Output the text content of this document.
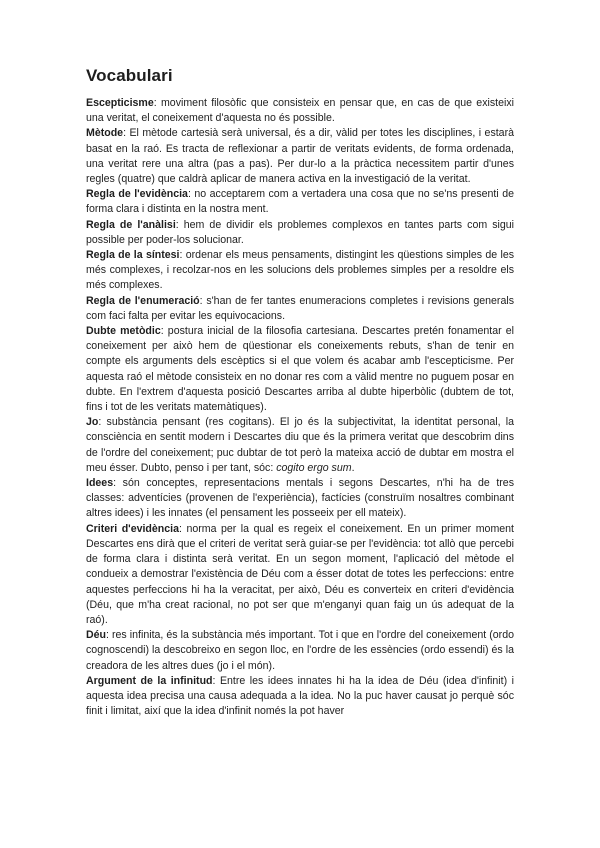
Vocabulari

Escepticisme: moviment filosòfic que consisteix en pensar que, en cas de que existeixi una veritat, el coneixement d'aquesta no és possible.

Mètode: El mètode cartesià serà universal, és a dir, vàlid per totes les disciplines, i estarà basat en la raó. Es tracta de reflexionar a partir de veritats evidents, de forma ordenada, una veritat rere una altra (pas a pas). Per dur-lo a la pràctica necessitem partir d'unes regles (quatre) que caldrà aplicar de manera activa en la investigació de la veritat.

Regla de l'evidència: no acceptarem com a vertadera una cosa que no se'ns presenti de forma clara i distinta en la nostra ment.

Regla de l'anàlisi: hem de dividir els problemes complexos en tantes parts com sigui possible per poder-los solucionar.

Regla de la síntesi: ordenar els meus pensaments, distingint les qüestions simples de les més complexes, i recolzar-nos en les solucions dels problemes simples per a resoldre els més complexes.

Regla de l'enumeració: s'han de fer tantes enumeracions completes i revisions generals com faci falta per evitar les equivocacions.

Dubte metòdic: postura inicial de la filosofia cartesiana. Descartes pretén fonamentar el coneixement per això hem de qüestionar els coneixements rebuts, s'han de tenir en compte els arguments dels escèptics si el que volem és acabar amb l'escepticisme. Per aquesta raó el mètode consisteix en no donar res com a vàlid mentre no puguem posar en dubte. En l'extrem d'aquesta posició Descartes arriba al dubte hiperbòlic (dubtem de tot, fins i tot de les veritats matemàtiques).

Jo: substància pensant (res cogitans). El jo és la subjectivitat, la identitat personal, la consciència en sentit modern i Descartes diu que és la primera veritat que descobrim dins de l'ordre del coneixement; puc dubtar de tot però la mateixa acció de dubtar em mostra el meu ésser. Dubto, penso i per tant, sóc: cogito ergo sum.

Idees: són conceptes, representacions mentals i segons Descartes, n'hi ha de tres classes: adventícies (provenen de l'experiència), factícies (construïm nosaltres combinant altres idees) i les innates (el pensament les posseeix per ell mateix).

Criteri d'evidència: norma per la qual es regeix el coneixement. En un primer moment Descartes ens dirà que el criteri de veritat serà guiar-se per l'evidència: tot allò que percebi de forma clara i distinta serà veritat. En un segon moment, l'aplicació del mètode el condueix a demostrar l'existència de Déu com a ésser dotat de totes les perfeccions: entre aquestes perfeccions hi ha la veracitat, per això, Déu es converteix en criteri d'evidència (Déu, que m'ha creat racional, no pot ser que m'enganyi quan faig un ús adequat de la raó).

Déu: res infinita, és la substància més important. Tot i que en l'ordre del coneixement (ordo cognoscendi) la descobreixo en segon lloc, en l'ordre de les essències (ordo essendi) és la creadora de les altres dues (jo i el món).

Argument de la infinitud: Entre les idees innates hi ha la idea de Déu (idea d'infinit) i aquesta idea precisa una causa adequada a la idea. No la puc haver causat jo perquè sóc finit i limitat, així que la idea d'infinit només la pot haver
